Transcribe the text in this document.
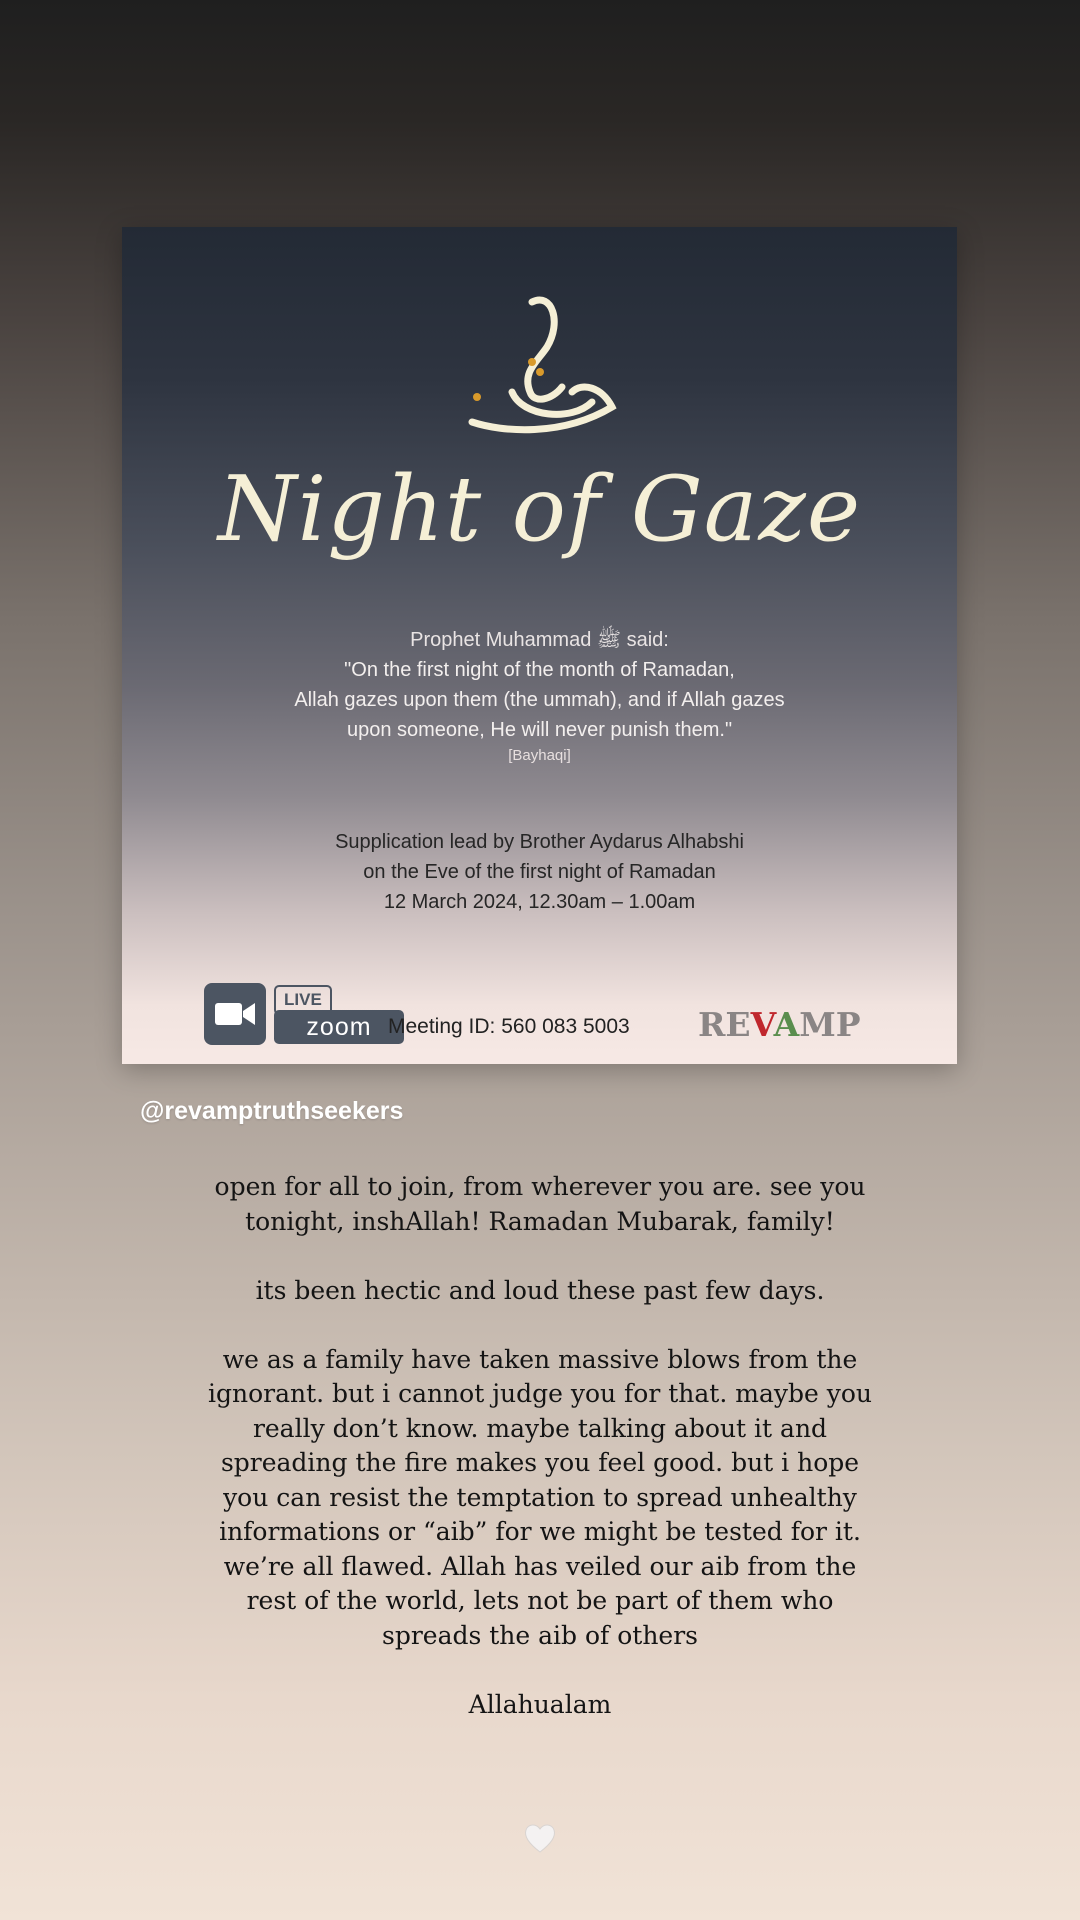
Night of Gaze
Prophet Muhammad ﷺ said:
"On the first night of the month of Ramadan,
Allah gazes upon them (the ummah), and if Allah gazes
upon someone, He will never punish them."
[Bayhaqi]
Supplication lead by Brother Aydarus Alhabshi
on the Eve of the first night of Ramadan
12 March 2024, 12.30am – 1.00am
LIVE
zoom Meeting ID: 560 083 5003 REVAMP
@revamptruthseekers

open for all to join, from wherever you are. see you tonight, inshAllah! Ramadan Mubarak, family!

its been hectic and loud these past few days.

we as a family have taken massive blows from the ignorant. but i cannot judge you for that. maybe you really don’t know. maybe talking about it and spreading the fire makes you feel good. but i hope you can resist the temptation to spread unhealthy informations or “aib” for we might be tested for it. we’re all flawed. Allah has veiled our aib from the rest of the world, lets not be part of them who spreads the aib of others

Allahualam
